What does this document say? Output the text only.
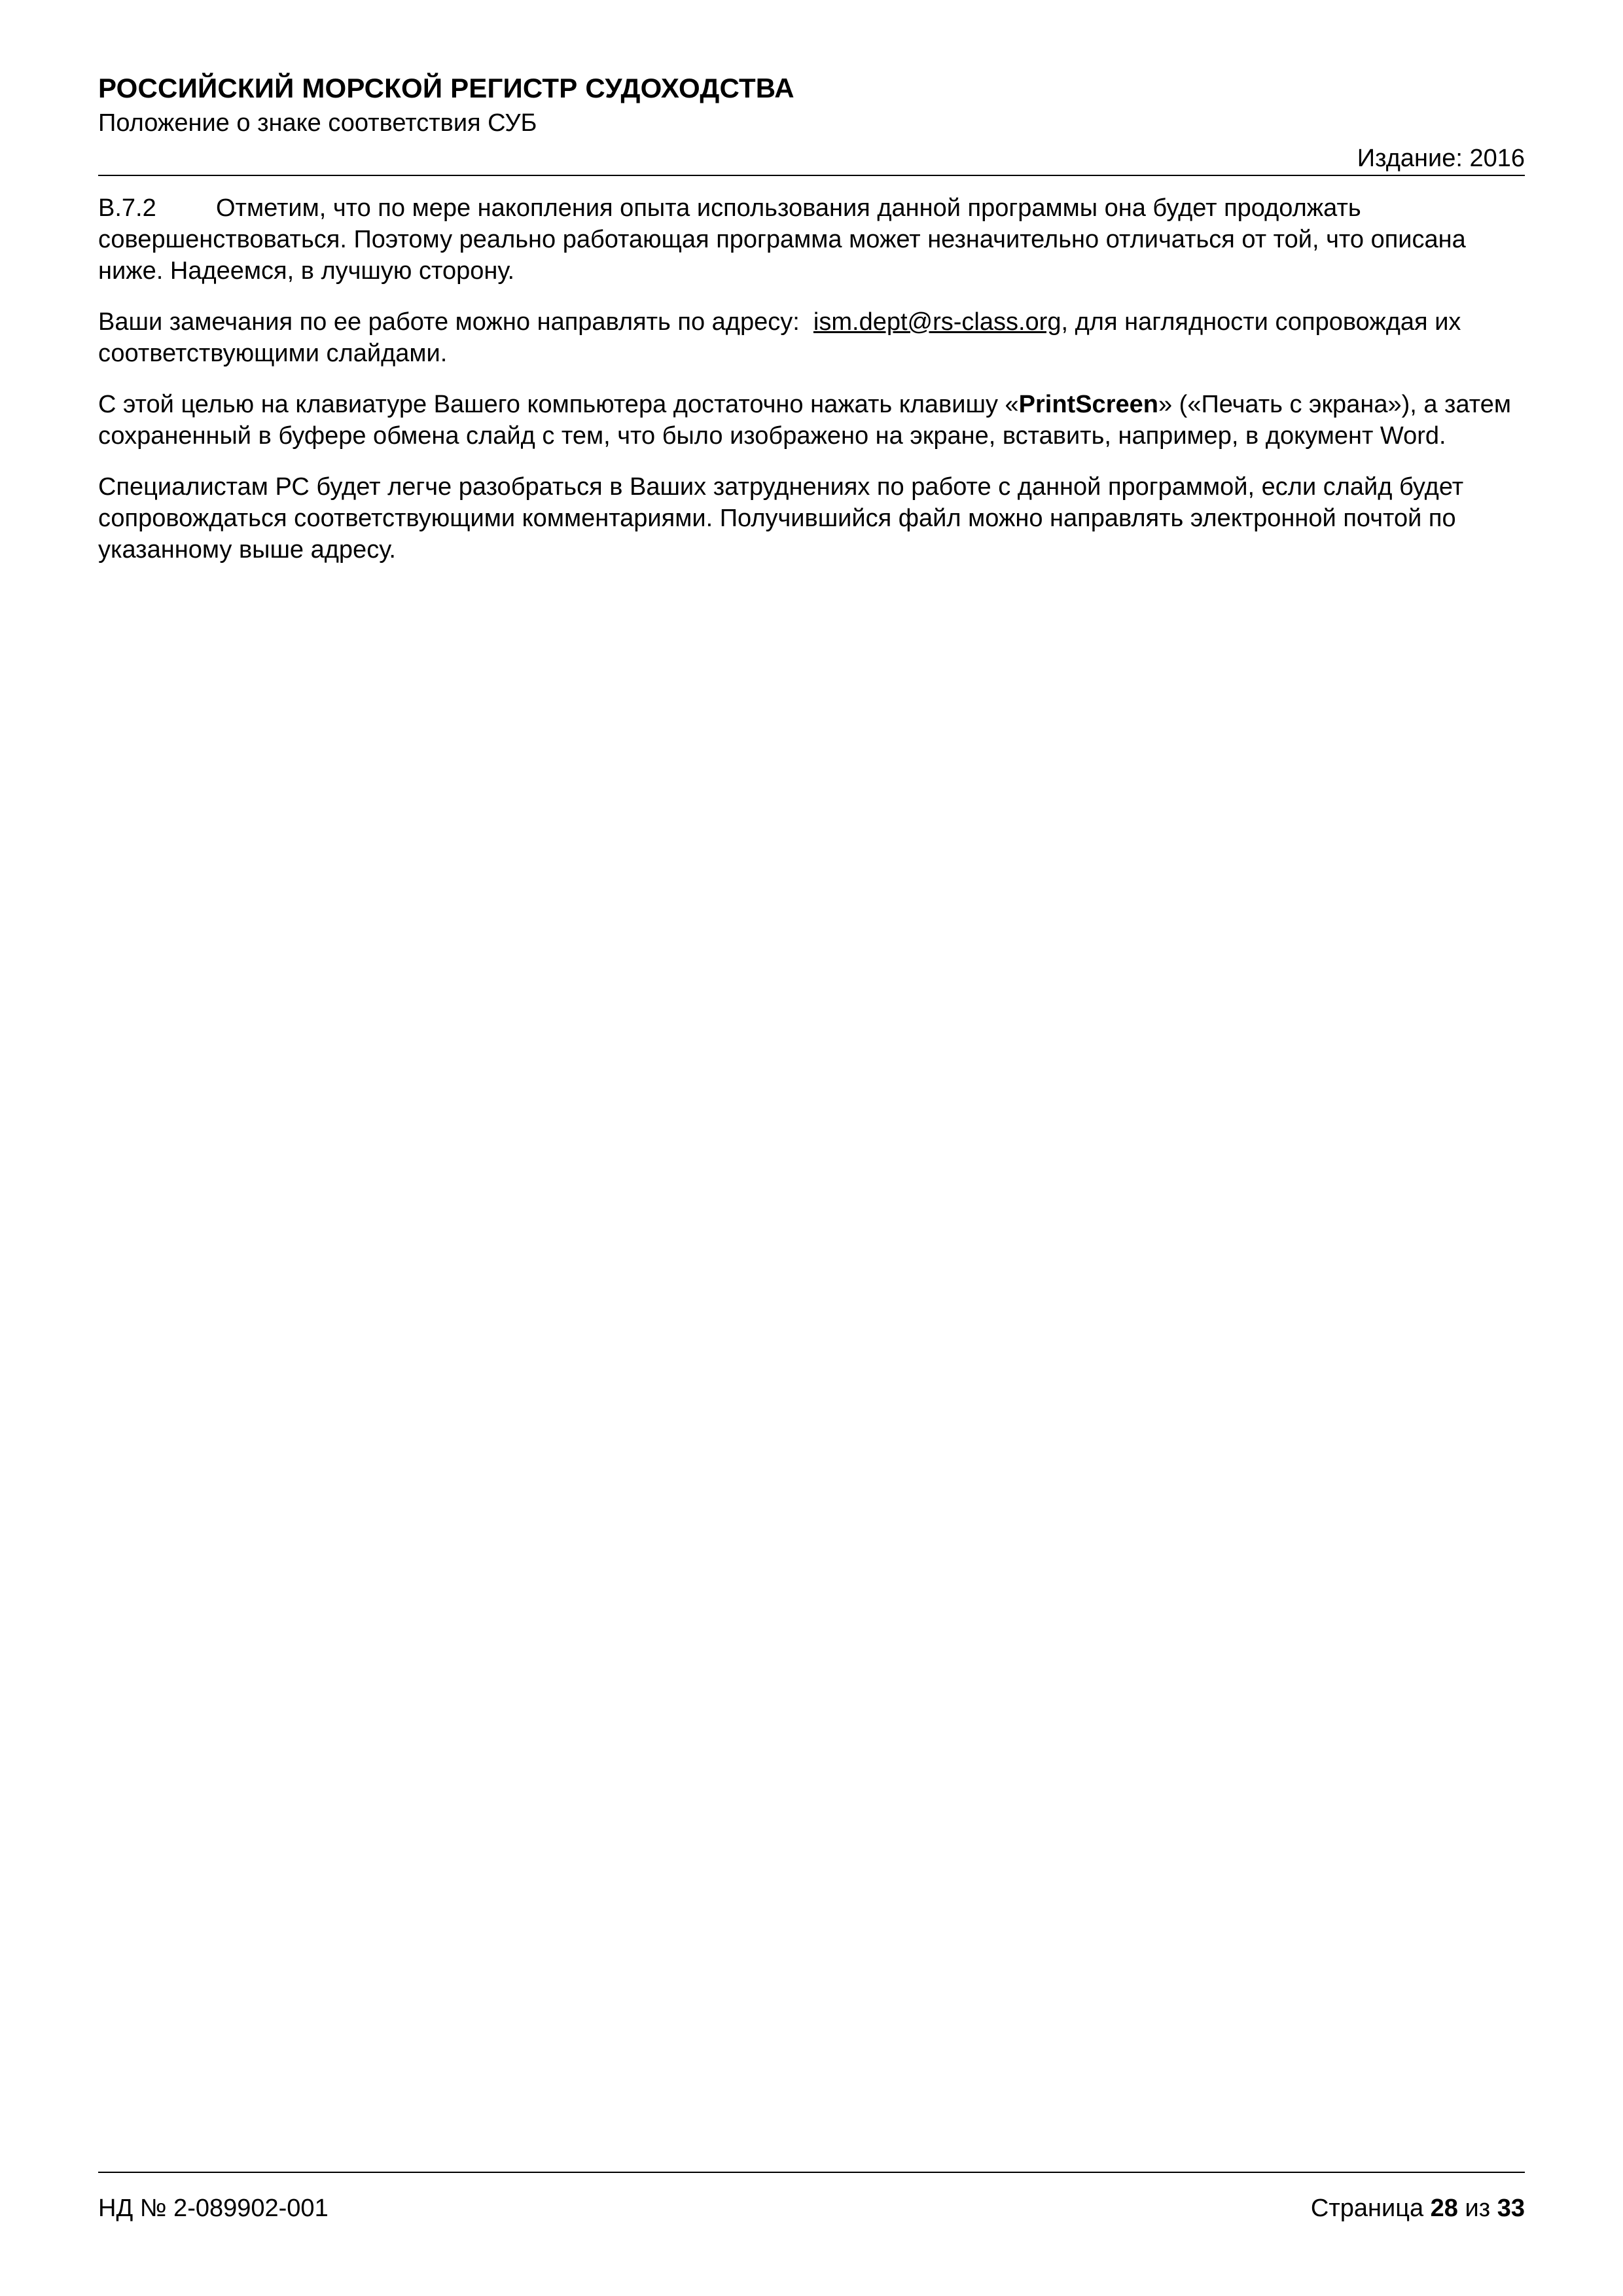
РОССИЙСКИЙ МОРСКОЙ РЕГИСТР СУДОХОДСТВА
Положение о знаке соответствия СУБ
Издание: 2016

В.7.2 Отметим, что по мере накопления опыта использования данной программы она будет продолжать совершенствоваться. Поэтому реально работающая программа может незначительно отличаться от той, что описана ниже. Надеемся, в лучшую сторону.

Ваши замечания по ее работе можно направлять по адресу:  ism.dept@rs-class.org, для наглядности сопровождая их соответствующими слайдами.

С этой целью на клавиатуре Вашего компьютера достаточно нажать клавишу «PrintScreen» («Печать с экрана»), а затем сохраненный в буфере обмена слайд с тем, что было изображено на экране, вставить, например, в документ Word.

Специалистам РС будет легче разобраться в Ваших затруднениях по работе с данной программой, если слайд будет сопровождаться соответствующими комментариями. Получившийся файл можно направлять электронной почтой по указанному выше адресу.

НД № 2-089902-001	Страница 28 из 33
